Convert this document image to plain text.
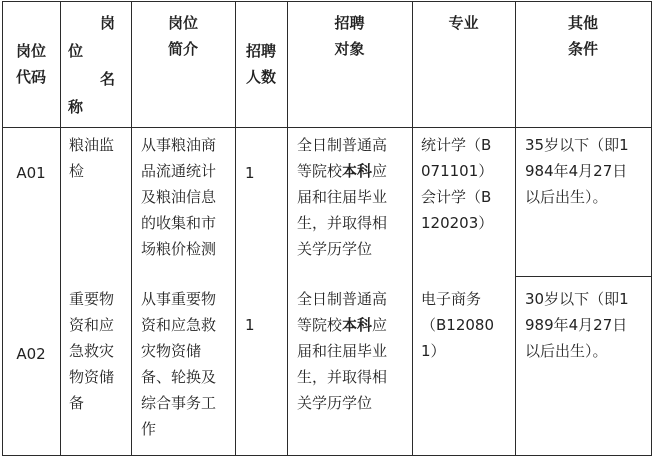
岗位
代码
岗
位
名
称
岗位
简介	招聘
人数
招聘
对象
专业	其他
条件
A01
粮油监
检
从事粮油商
品流通统计
及粮油信息
的收集和市
场粮价检测
1
全日制普通高
等院校本科应
届和往届毕业
生，并取得相
关学历学位
统计学（B
071101）
会计学（B
120203）
35岁以下（即1
984年4月27日
以后出生）。
A02
重要物
资和应
急救灾
物资储
备
从事重要物
资和应急救
灾物资储
备、轮换及
综合事务工
作
1
全日制普通高
等院校本科应
届和往届毕业
生，并取得相
关学历学位
电子商务
（B12080
1）
30岁以下（即1
989年4月27日
以后出生）。
